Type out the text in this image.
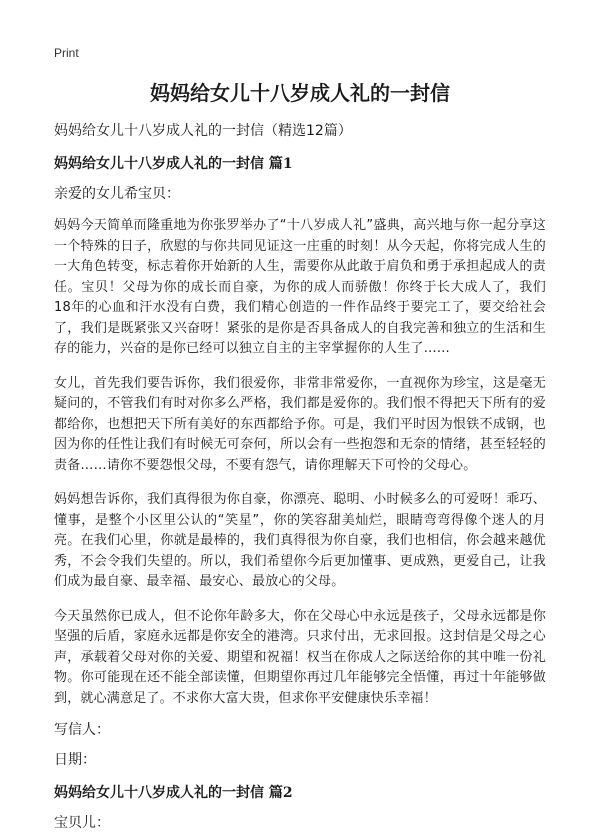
Print

妈妈给女儿十八岁成人礼的一封信

妈妈给女儿十八岁成人礼的一封信（精选12篇）

妈妈给女儿十八岁成人礼的一封信 篇1

亲爱的女儿希宝贝：

妈妈今天简单而隆重地为你张罗举办了“十八岁成人礼”盛典，高兴地与你一起分享这一个特殊的日子，欣慰的与你共同见证这一庄重的时刻！从今天起，你将完成人生的一大角色转变，标志着你开始新的人生，需要你从此敢于肩负和勇于承担起成人的责任。宝贝！父母为你的成长而自豪，为你的成人而骄傲！你终于长大成人了，我们18年的心血和汗水没有白费，我们精心创造的一件作品终于要完工了，要交给社会了，我们是既紧张又兴奋呀！紧张的是你是否具备成人的自我完善和独立的生活和生存的能力，兴奋的是你已经可以独立自主的主宰掌握你的人生了……

女儿，首先我们要告诉你，我们很爱你，非常非常爱你，一直视你为珍宝，这是毫无疑问的，不管我们有时对你多么严格，我们都是爱你的。我们恨不得把天下所有的爱都给你，也想把天下所有美好的东西都给予你。可是，我们平时因为恨铁不成钢，也因为你的任性让我们有时候无可奈何，所以会有一些抱怨和无奈的情绪，甚至轻轻的责备……请你不要怨恨父母，不要有怨气，请你理解天下可怜的父母心。

妈妈想告诉你，我们真得很为你自豪，你漂亮、聪明、小时候多么的可爱呀！乖巧、懂事，是整个小区里公认的“笑星”，你的笑容甜美灿烂，眼睛弯弯得像个迷人的月亮。在我们心里，你就是最棒的，我们真得很为你自豪，我们也相信，你会越来越优秀，不会令我们失望的。所以，我们希望你今后更加懂事、更成熟，更爱自己，让我们成为最自豪、最幸福、最安心、最放心的父母。

今天虽然你已成人，但不论你年龄多大，你在父母心中永远是孩子，父母永远都是你坚强的后盾，家庭永远都是你安全的港湾。只求付出，无求回报。这封信是父母之心声，承载着父母对你的关爱、期望和祝福！权当在你成人之际送给你的其中唯一份礼物。你可能现在还不能全部读懂，但期望你再过几年能够完全悟懂，再过十年能够做到，就心满意足了。不求你大富大贵，但求你平安健康快乐幸福！

写信人：

日期：

妈妈给女儿十八岁成人礼的一封信 篇2

宝贝儿：
